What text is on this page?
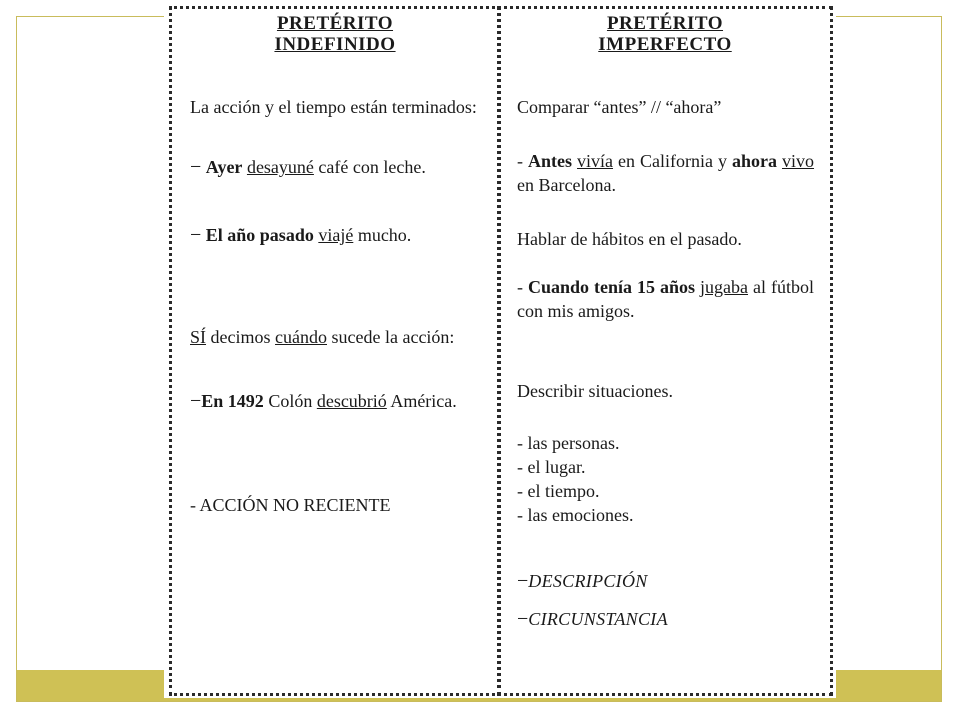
PRETÉRITO
INDEFINIDO
La acción y el tiempo están terminados:
− Ayer desayuné café con leche.
− El año pasado viajé mucho.
SÍ decimos cuándo sucede la acción:
−En 1492 Colón descubrió América.
- ACCIÓN NO RECIENTE
PRETÉRITO
IMPERFECTO
Comparar “antes” // “ahora”
- Antes vivía en California y ahora vivo en Barcelona.
Hablar de hábitos en el pasado.
- Cuando tenía 15 años jugaba al fútbol con mis amigos.
Describir situaciones.
- las personas.
- el lugar.
- el tiempo.
- las emociones.
−DESCRIPCIÓN
−CIRCUNSTANCIA
